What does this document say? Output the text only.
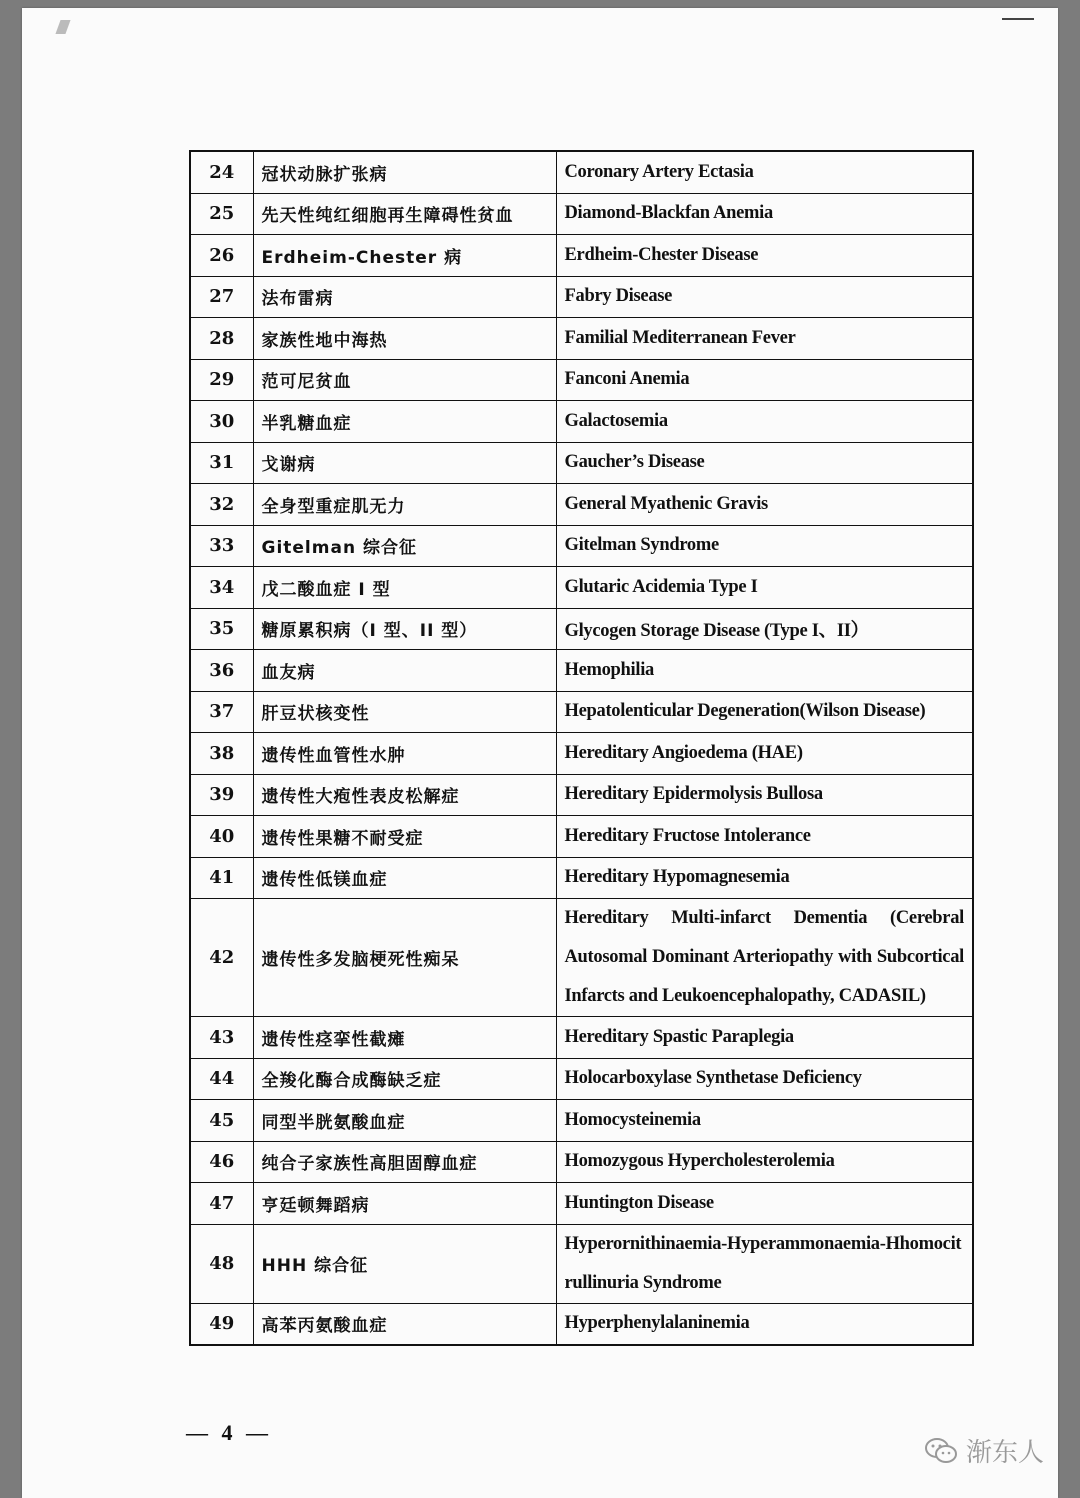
24	冠状动脉扩张病	Coronary Artery Ectasia
25	先天性纯红细胞再生障碍性贫血	Diamond-Blackfan Anemia
26	Erdheim-Chester 病	Erdheim-Chester Disease
27	法布雷病	Fabry Disease
28	家族性地中海热	Familial Mediterranean Fever
29	范可尼贫血	Fanconi Anemia
30	半乳糖血症	Galactosemia
31	戈谢病	Gaucher’s Disease
32	全身型重症肌无力	General Myathenic Gravis
33	Gitelman 综合征	Gitelman Syndrome
34	戊二酸血症 I 型	Glutaric Acidemia Type I
35	糖原累积病（I 型、II 型）	Glycogen Storage Disease (Type I、II）
36	血友病	Hemophilia
37	肝豆状核变性	Hepatolenticular Degeneration(Wilson Disease)
38	遗传性血管性水肿	Hereditary Angioedema (HAE)
39	遗传性大疱性表皮松解症	Hereditary Epidermolysis Bullosa
40	遗传性果糖不耐受症	Hereditary Fructose Intolerance
41	遗传性低镁血症	Hereditary Hypomagnesemia
42	遗传性多发脑梗死性痴呆	Hereditary Multi-infarct Dementia (Cerebral Autosomal Dominant Arteriopathy with Subcortical Infarcts and Leukoencephalopathy, CADASIL)
43	遗传性痉挛性截瘫	Hereditary Spastic Paraplegia
44	全羧化酶合成酶缺乏症	Holocarboxylase Synthetase Deficiency
45	同型半胱氨酸血症	Homocysteinemia
46	纯合子家族性高胆固醇血症	Homozygous Hypercholesterolemia
47	亨廷顿舞蹈病	Huntington Disease
48	HHH 综合征	Hyperornithinaemia-Hyperammonaemia-Hhomocitrullinuria Syndrome
49	高苯丙氨酸血症	Hyperphenylalaninemia
— 4 —
渐东人
